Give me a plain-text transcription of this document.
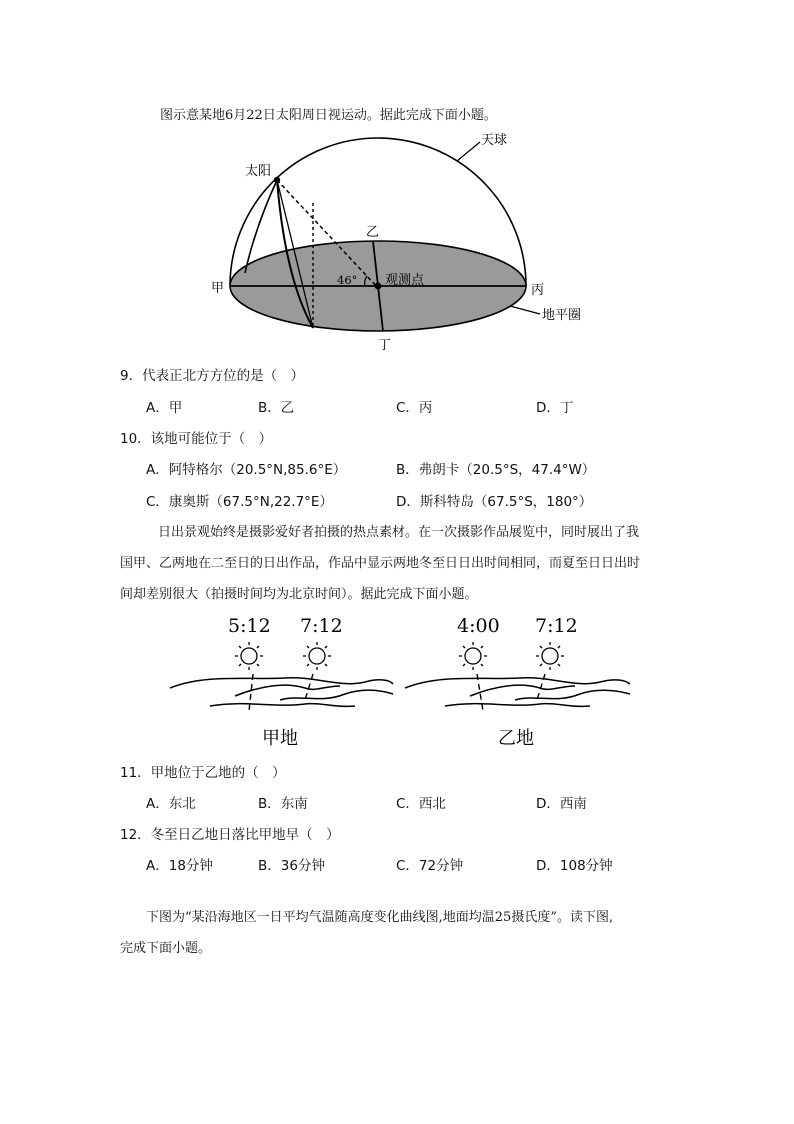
图示意某地6月22日太阳周日视运动。据此完成下面小题。
天球
太阳
乙
甲	丙
丁
46° 观测点
地平圈
9．代表正北方方位的是（　）
A．甲	B．乙	C．丙	D．丁
10．该地可能位于（　）
A．阿特格尔（20.5°N,85.6°E）	B．弗朗卡（20.5°S，47.4°W）
C．康奥斯（67.5°N,22.7°E）	D．斯科特岛（67.5°S，180°）
日出景观始终是摄影爱好者拍摄的热点素材。在一次摄影作品展览中，同时展出了我
国甲、乙两地在二至日的日出作品，作品中显示两地冬至日日出时间相同，而夏至日日出时
间却差别很大（拍摄时间均为北京时间）。据此完成下面小题。
5:12 7:12
甲地
4:00 7:12
乙地
11．甲地位于乙地的（　）
A．东北	B．东南	C．西北	D．西南
12．冬至日乙地日落比甲地早（　）
A．18分钟	B．36分钟	C．72分钟	D．108分钟
下图为“某沿海地区一日平均气温随高度变化曲线图,地面均温25摄氏度”。读下图,
完成下面小题。
